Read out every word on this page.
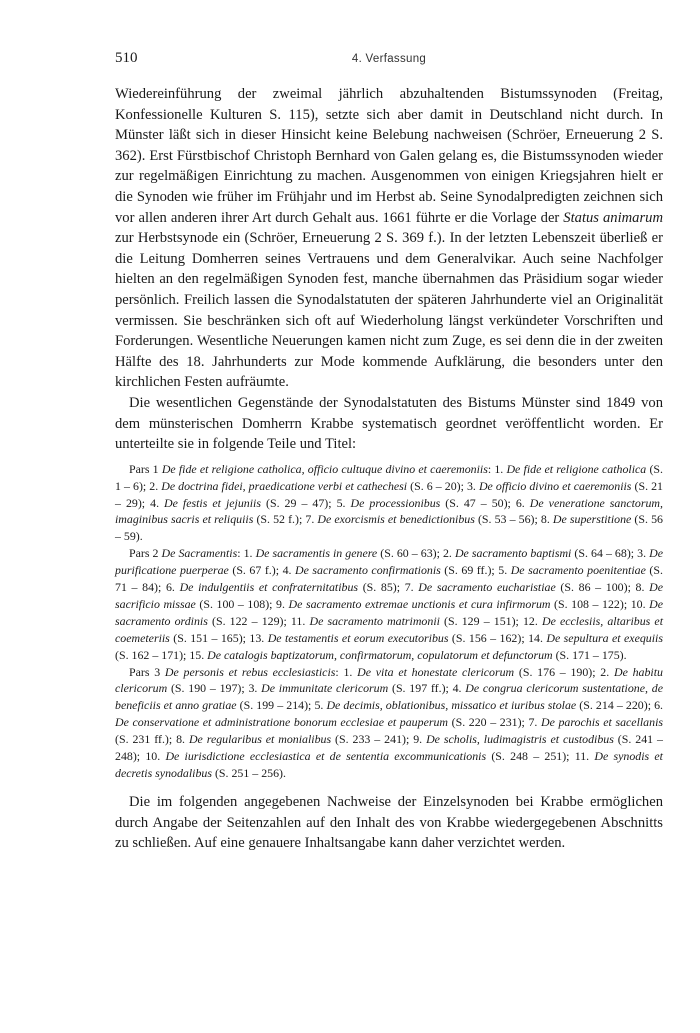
510	4. Verfassung

Wiedereinführung der zweimal jährlich abzuhaltenden Bistumssynoden (Freitag, Konfessionelle Kulturen S. 115), setzte sich aber damit in Deutschland nicht durch. In Münster läßt sich in dieser Hinsicht keine Belebung nachweisen (Schröer, Erneuerung 2 S. 362). Erst Fürstbischof Christoph Bernhard von Galen gelang es, die Bistumssynoden wieder zur regelmäßigen Einrichtung zu machen. Ausgenommen von einigen Kriegsjahren hielt er die Synoden wie früher im Frühjahr und im Herbst ab. Seine Synodalpredigten zeichnen sich vor allen anderen ihrer Art durch Gehalt aus. 1661 führte er die Vorlage der Status animarum zur Herbstsynode ein (Schröer, Erneuerung 2 S. 369 f.). In der letzten Lebenszeit überließ er die Leitung Domherren seines Vertrauens und dem Generalvikar. Auch seine Nachfolger hielten an den regelmäßigen Synoden fest, manche übernahmen das Präsidium sogar wieder persönlich. Freilich lassen die Synodalstatuten der späteren Jahrhunderte viel an Originalität vermissen. Sie beschränken sich oft auf Wiederholung längst verkündeter Vorschriften und Forderungen. Wesentliche Neuerungen kamen nicht zum Zuge, es sei denn die in der zweiten Hälfte des 18. Jahrhunderts zur Mode kommende Aufklärung, die besonders unter den kirchlichen Festen aufräumte.

Die wesentlichen Gegenstände der Synodalstatuten des Bistums Münster sind 1849 von dem münsterischen Domherrn Krabbe systematisch geordnet veröffentlicht worden. Er unterteilte sie in folgende Teile und Titel:

Pars 1 De fide et religione catholica, officio cultuque divino et caeremoniis: 1. De fide et religione catholica (S. 1 – 6); 2. De doctrina fidei, praedicatione verbi et cathechesi (S. 6 – 20); 3. De officio divino et caeremoniis (S. 21 – 29); 4. De festis et jejuniis (S. 29 – 47); 5. De processionibus (S. 47 – 50); 6. De veneratione sanctorum, imaginibus sacris et reliquiis (S. 52 f.); 7. De exorcismis et benedictionibus (S. 53 – 56); 8. De superstitione (S. 56 – 59).

Pars 2 De Sacramentis: 1. De sacramentis in genere (S. 60 – 63); 2. De sacramento baptismi (S. 64 – 68); 3. De purificatione puerperae (S. 67 f.); 4. De sacramento confirmationis (S. 69 ff.); 5. De sacramento poenitentiae (S. 71 – 84); 6. De indulgentiis et confraternitatibus (S. 85); 7. De sacramento eucharistiae (S. 86 – 100); 8. De sacrificio missae (S. 100 – 108); 9. De sacramento extremae unctionis et cura infirmorum (S. 108 – 122); 10. De sacramento ordinis (S. 122 – 129); 11. De sacramento matrimonii (S. 129 – 151); 12. De ecclesiis, altaribus et coemeteriis (S. 151 – 165); 13. De testamentis et eorum executoribus (S. 156 – 162); 14. De sepultura et exequiis (S. 162 – 171); 15. De catalogis baptizatorum, confirmatorum, copulatorum et defunctorum (S. 171 – 175).

Pars 3 De personis et rebus ecclesiasticis: 1. De vita et honestate clericorum (S. 176 – 190); 2. De habitu clericorum (S. 190 – 197); 3. De immunitate clericorum (S. 197 ff.); 4. De congrua clericorum sustentatione, de beneficiis et anno gratiae (S. 199 – 214); 5. De decimis, oblationibus, missatico et iuribus stolae (S. 214 – 220); 6. De conservatione et administratione bonorum ecclesiae et pauperum (S. 220 – 231); 7. De parochis et sacellanis (S. 231 ff.); 8. De regularibus et monialibus (S. 233 – 241); 9. De scholis, ludimagistris et custodibus (S. 241 – 248); 10. De iurisdictione ecclesiastica et de sententia excommunicationis (S. 248 – 251); 11. De synodis et decretis synodalibus (S. 251 – 256).

Die im folgenden angegebenen Nachweise der Einzelsynoden bei Krabbe ermöglichen durch Angabe der Seitenzahlen auf den Inhalt des von Krabbe wiedergegebenen Abschnitts zu schließen. Auf eine genauere Inhaltsangabe kann daher verzichtet werden.
